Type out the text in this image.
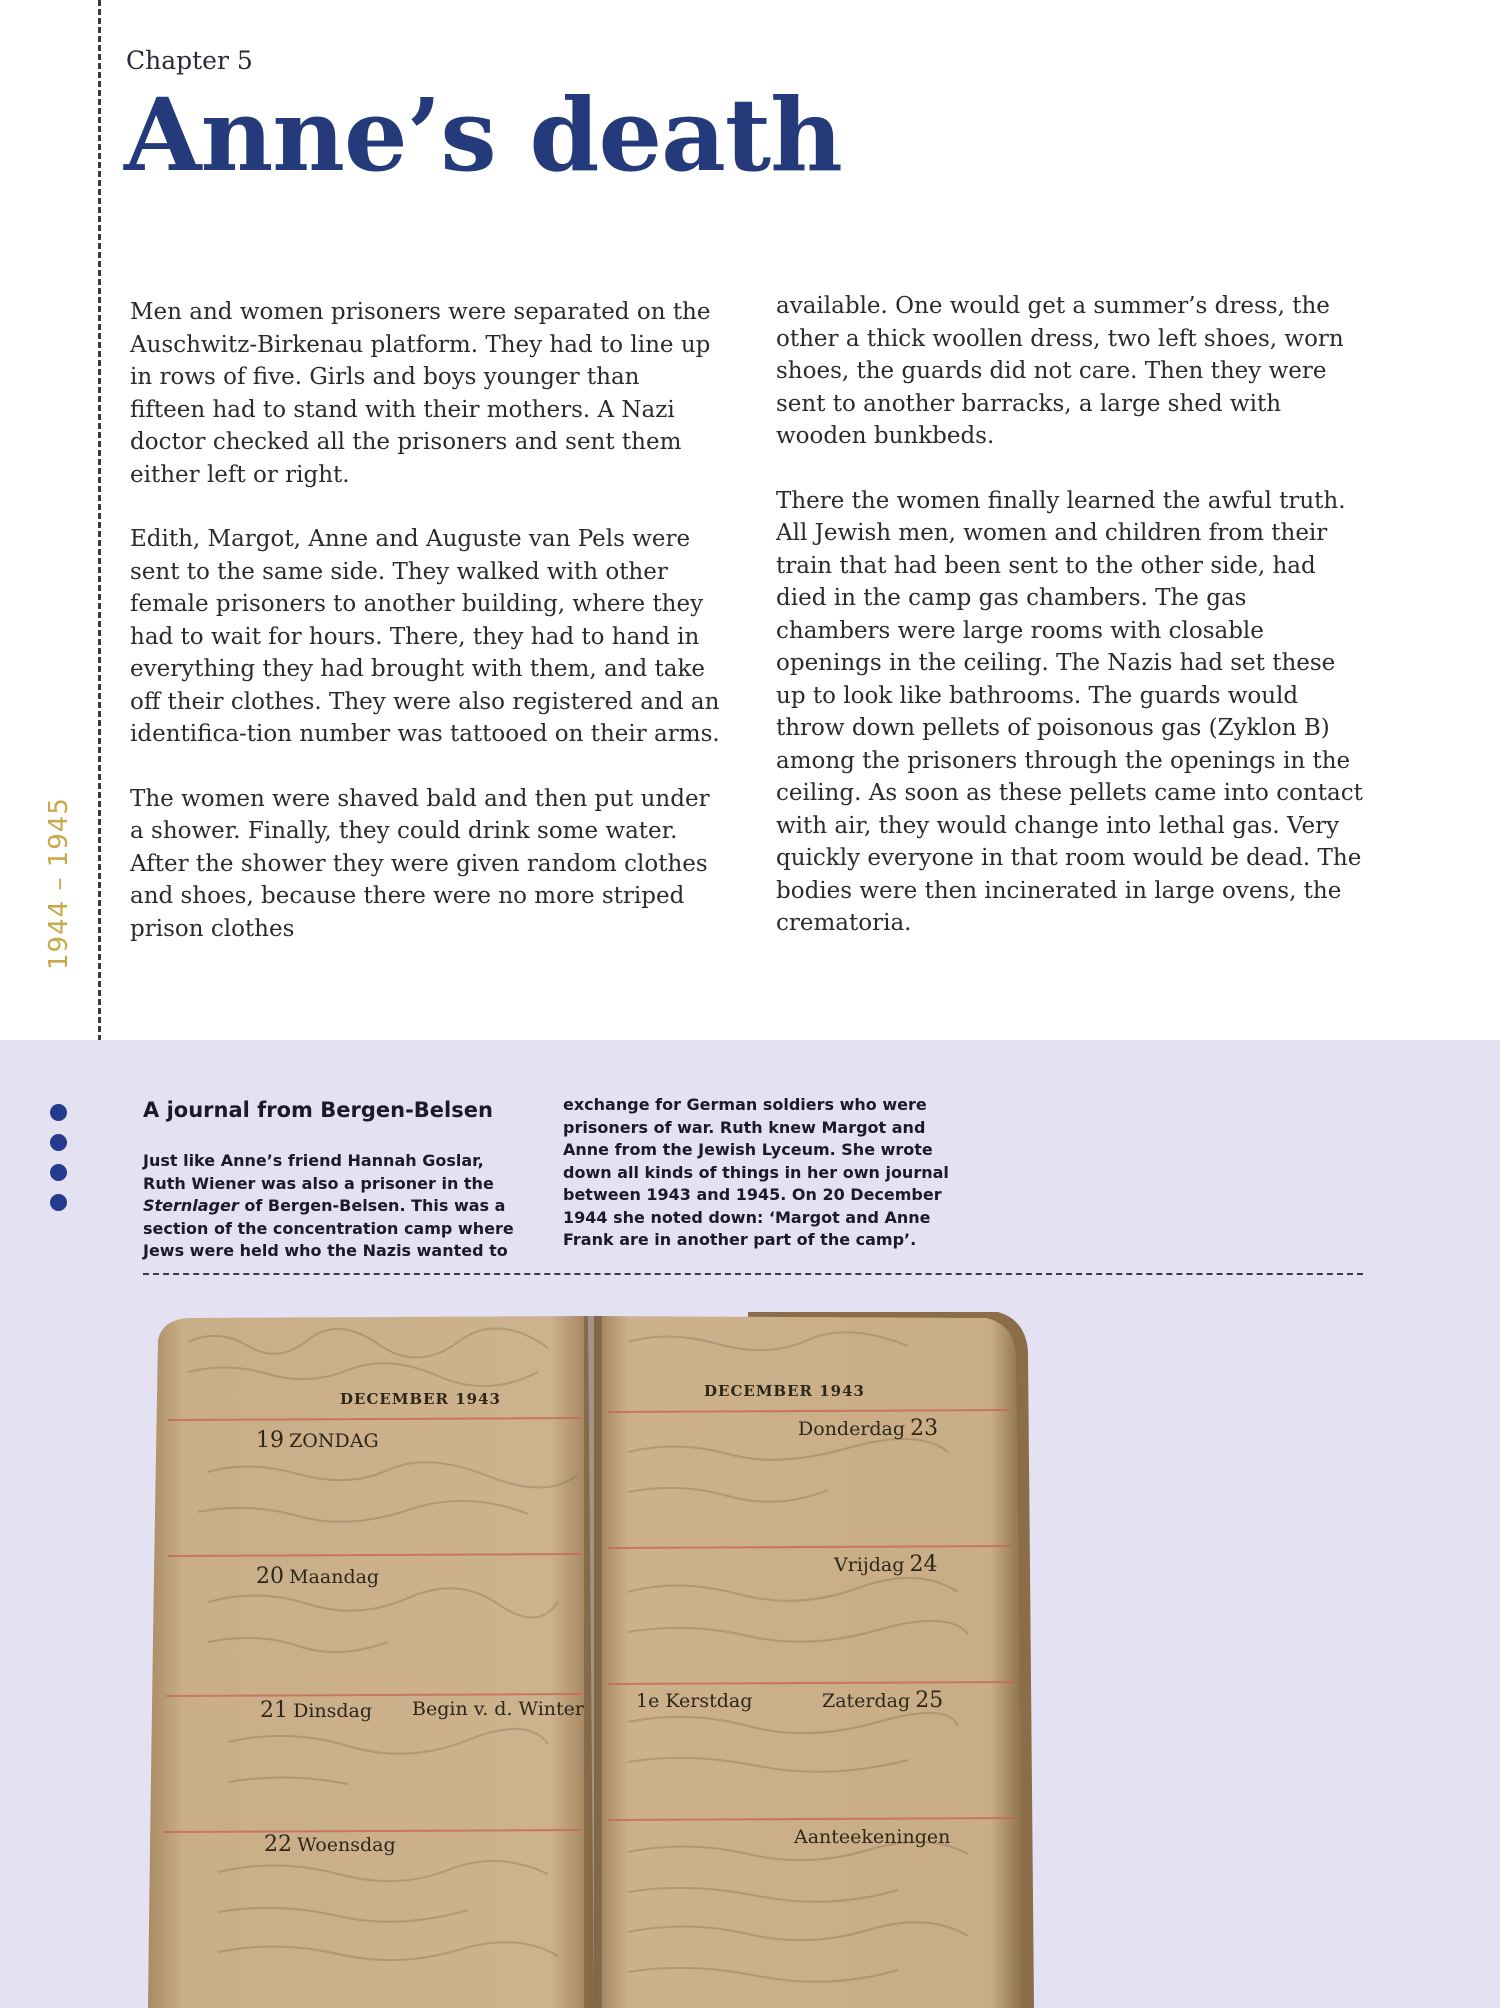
1944 – 1945
Chapter 5
Anne’s death

Men and women prisoners were separated on the Auschwitz-Birkenau platform. They had to line up in rows of five. Girls and boys younger than fifteen had to stand with their mothers. A Nazi doctor checked all the prisoners and sent them either left or right.

Edith, Margot, Anne and Auguste van Pels were sent to the same side. They walked with other female prisoners to another building, where they had to wait for hours. There, they had to hand in everything they had brought with them, and take off their clothes. They were also registered and an identifica-tion number was tattooed on their arms.

The women were shaved bald and then put under a shower. Finally, they could drink some water. After the shower they were given random clothes and shoes, because there were no more striped prison clothes

available. One would get a summer’s dress, the other a thick woollen dress, two left shoes, worn shoes, the guards did not care. Then they were sent to another barracks, a large shed with wooden bunkbeds.

There the women finally learned the awful truth. All Jewish men, women and children from their train that had been sent to the other side, had died in the camp gas chambers. The gas chambers were large rooms with closable openings in the ceiling. The Nazis had set these up to look like bathrooms. The guards would throw down pellets of poisonous gas (Zyklon B) among the prisoners through the openings in the ceiling. As soon as these pellets came into contact with air, they would change into lethal gas. Very quickly everyone in that room would be dead. The bodies were then incinerated in large ovens, the crematoria.

A journal from Bergen-Belsen

Just like Anne’s friend Hannah Goslar, Ruth Wiener was also a prisoner in the Sternlager of Bergen-Belsen. This was a section of the concentration camp where Jews were held who the Nazis wanted to

exchange for German soldiers who were prisoners of war. Ruth knew Margot and Anne from the Jewish Lyceum. She wrote down all kinds of things in her own journal between 1943 and 1945. On 20 December 1944 she noted down: ‘Margot and Anne Frank are in another part of the camp’.

DECEMBER 1943	DECEMBER 1943
19 ZONDAG
20 Maandag
21 Dinsdag Begin v. d. Winter
22 Woensdag
Donderdag 23
Vrijdag 24
1e Kerstdag	Zaterdag 25
Aanteekeningen
